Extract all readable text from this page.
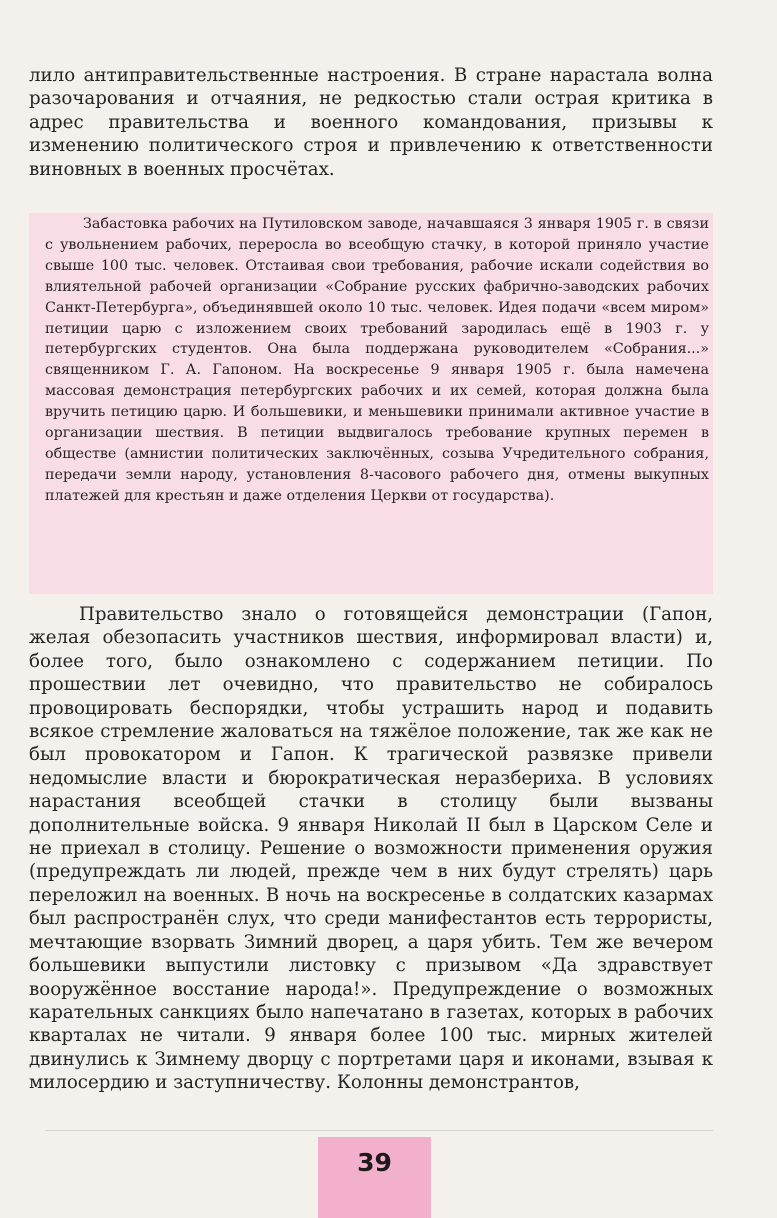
лило антиправительственные настроения. В стране нарастала волна разочарования и отчаяния, не редкостью стали острая критика в адрес правительства и военного командования, призывы к изменению политического строя и привлечению к ответственности виновных в военных просчётах.

Забастовка рабочих на Путиловском заводе, начавшаяся 3 января 1905 г. в связи с увольнением рабочих, переросла во всеобщую стачку, в которой приняло участие свыше 100 тыс. человек. Отстаивая свои требования, рабочие искали содействия во влиятельной рабочей организации «Собрание русских фабрично-заводских рабочих Санкт-Петербурга», объединявшей около 10 тыс. человек. Идея подачи «всем миром» петиции царю с изложением своих требований зародилась ещё в 1903 г. у петербургских студентов. Она была поддержана руководителем «Собрания...» священником Г. А. Гапоном. На воскресенье 9 января 1905 г. была намечена массовая демонстрация петербургских рабочих и их семей, которая должна была вручить петицию царю. И большевики, и меньшевики принимали активное участие в организации шествия. В петиции выдвигалось требование крупных перемен в обществе (амнистии политических заключённых, созыва Учредительного собрания, передачи земли народу, установления 8-часового рабочего дня, отмены выкупных платежей для крестьян и даже отделения Церкви от государства).

Правительство знало о готовящейся демонстрации (Гапон, желая обезопасить участников шествия, информировал власти) и, более того, было ознакомлено с содержанием петиции. По прошествии лет очевидно, что правительство не собиралось провоцировать беспорядки, чтобы устрашить народ и подавить всякое стремление жаловаться на тяжёлое положение, так же как не был провокатором и Гапон. К трагической развязке привели недомыслие власти и бюрократическая неразбериха. В условиях нарастания всеобщей стачки в столицу были вызваны дополнительные войска. 9 января Николай II был в Царском Селе и не приехал в столицу. Решение о возможности применения оружия (предупреждать ли людей, прежде чем в них будут стрелять) царь переложил на военных. В ночь на воскресенье в солдатских казармах был распространён слух, что среди манифестантов есть террористы, мечтающие взорвать Зимний дворец, а царя убить. Тем же вечером большевики выпустили листовку с призывом «Да здравствует вооружённое восстание народа!». Предупреждение о возможных карательных санкциях было напечатано в газетах, которых в рабочих кварталах не читали. 9 января более 100 тыс. мирных жителей двинулись к Зимнему дворцу с портретами царя и иконами, взывая к милосердию и заступничеству. Колонны демонстрантов,

39
